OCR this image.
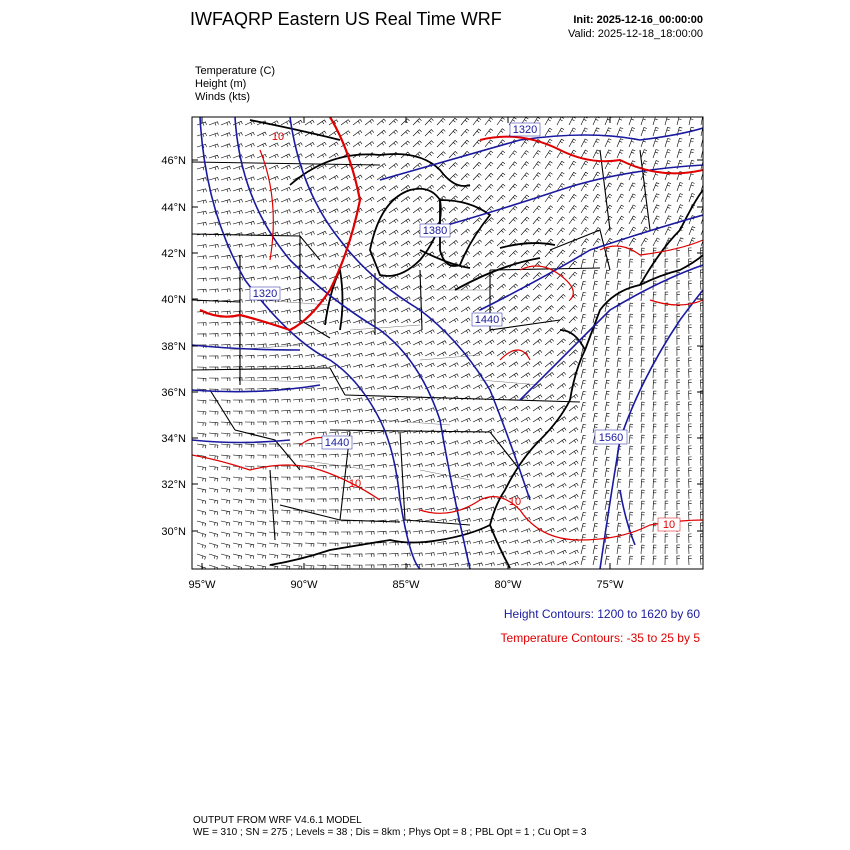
IWFAQRP Eastern US Real Time WRF	Init: 2025-12-16_00:00:00
Valid: 2025-12-18_18:00:00
Temperature (C)
Height (m)
Winds (kts)
1320
1380
1320
1440
1440	1560
10
10
10
10
46°N
44°N
42°N
40°N
38°N
36°N
34°N
32°N
30°N
95°W	90°W	85°W	80°W	75°W
Height Contours: 1200 to 1620 by 60
Temperature Contours: -35 to 25 by 5
OUTPUT FROM WRF V4.6.1 MODEL
WE = 310 ; SN = 275 ; Levels = 38 ; Dis = 8km ; Phys Opt = 8 ; PBL Opt = 1 ; Cu Opt = 3
